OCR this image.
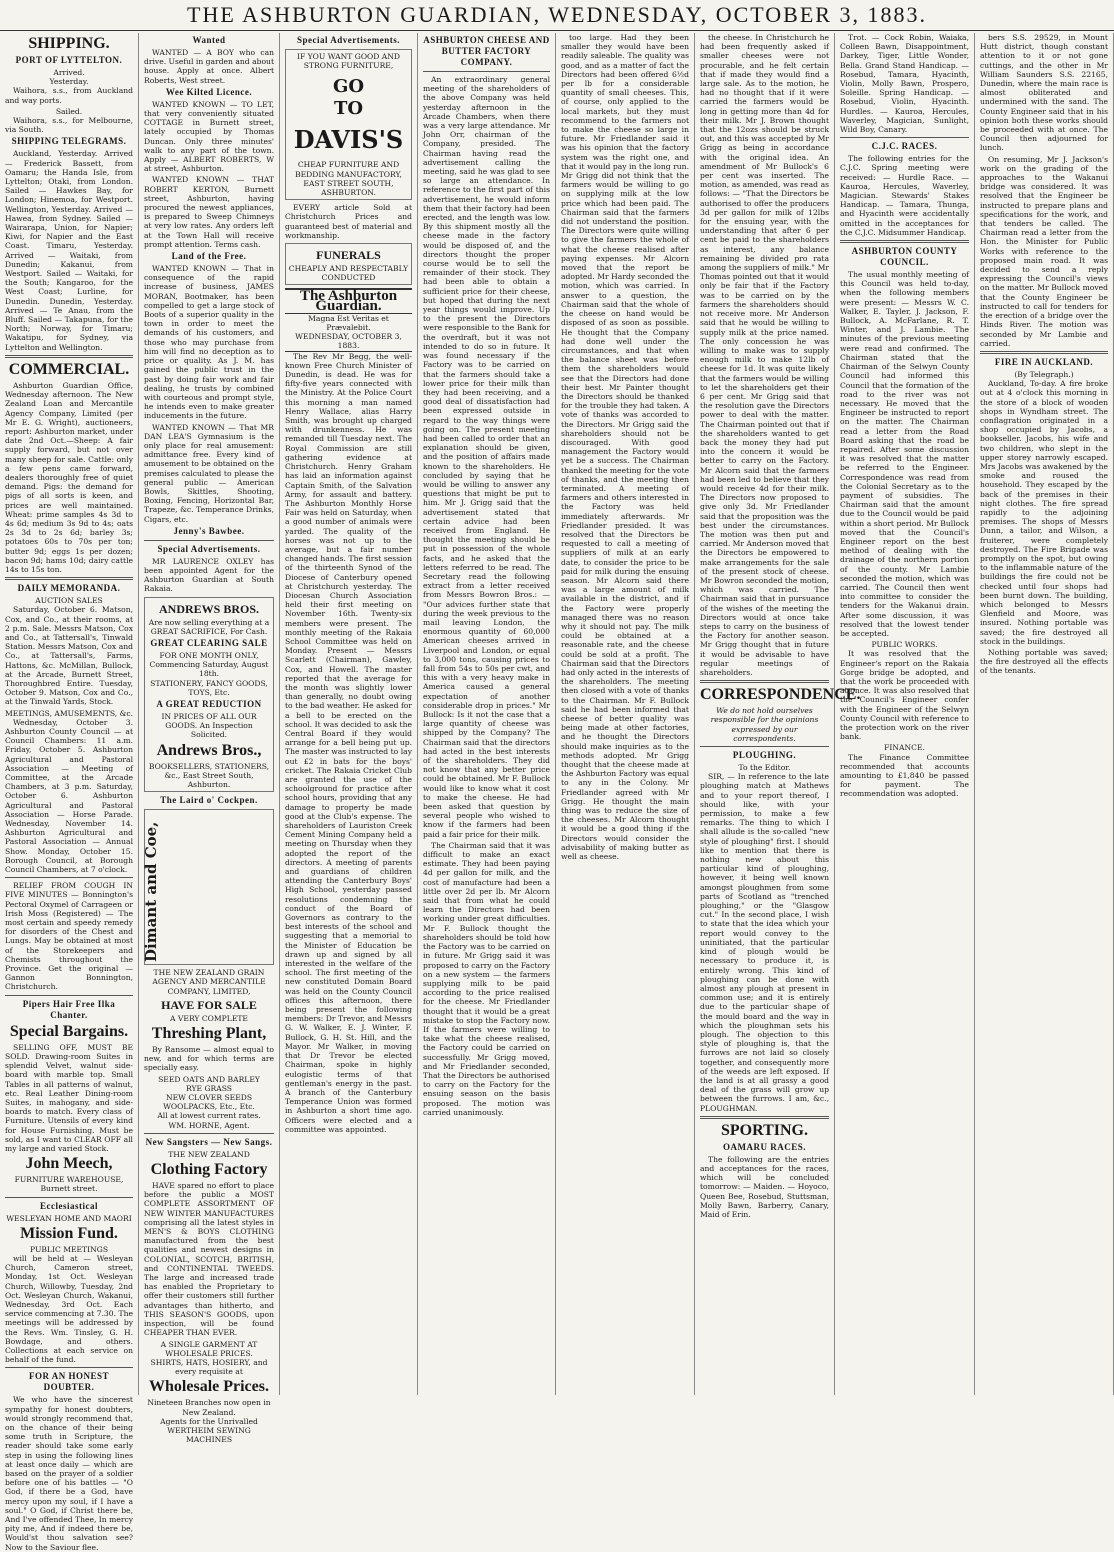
THE ASHBURTON GUARDIAN, WEDNESDAY, OCTOBER 3, 1883.
SHIPPING.
PORT OF LYTTELTON.
Arrived.
Yesterday.

Waihora, s.s., from Auckland and way ports.

Sailed.

Waihora, s.s., for Melbourne, via South.

SHIPPING TELEGRAMS.

Auckland, Yesterday. Arrived — Frederick Bassett, from Oamaru; the Handa Isle, from Lyttelton; Otaki, from London. Sailed — Hawkes Bay, for London; Hinemoa, for Westport. Wellington, Yesterday. Arrived — Hawea, from Sydney. Sailed — Wairarapa, Union, for Napier; Kiwi, for Napier and the East Coast. Timaru, Yesterday. Arrived — Waitaki, from Dunedin; Kakanui, from Westport. Sailed — Waitaki, for the South; Kangaroo, for the West Coast; Lurline, for Dunedin. Dunedin, Yesterday. Arrived — Te Anau, from the Bluff. Sailed — Takapuna, for the North; Norway, for Timaru; Wakatipu, for Sydney, via Lyttelton and Wellington.

COMMERCIAL.

Ashburton Guardian Office, Wednesday afternoon. The New Zealand Loan and Mercantile Agency Company, Limited (per Mr E. G. Wright), auctioneers, report: Ashburton market, under date 2nd Oct.—Sheep: A fair supply forward, but not over many sheep for sale. Cattle: only a few pens came forward, dealers thoroughly free of quiet demand. Pigs: the demand for pigs of all sorts is keen, and prices are well maintained. Wheat: prime samples 4s 3d to 4s 6d; medium 3s 9d to 4s; oats 2s 3d to 2s 6d; barley 3s; potatoes 60s to 70s per ton; butter 9d; eggs 1s per dozen; bacon 9d; hams 10d; dairy cattle 14s to 15s ton.

DAILY MEMORANDA.
AUCTION SALES

Saturday, October 6. Matson, Cox, and Co., at their rooms, at 2 p.m. Sale. Messrs Matson, Cox and Co., at Tattersall's, Tinwald Station. Messrs Matson, Cox and Co., at Tattersall's, Farms, Hattons, &c. McMillan, Bullock, at the Arcade, Burnett Street, Thoroughbred Entire. Tuesday, October 9. Matson, Cox and Co., at the Tinwald Yards, Stock.

MEETINGS, AMUSEMENTS, &c.

Wednesday, October 3. Ashburton County Council — at Council Chambers: 11 a.m. Friday, October 5. Ashburton Agricultural and Pastoral Association — Meeting of Committee, at the Arcade Chambers, at 3 p.m. Saturday, October 6. Ashburton Agricultural and Pastoral Association — Horse Parade. Wednesday, November 14. Ashburton Agricultural and Pastoral Association — Annual Show. Monday, October 15. Borough Council, at Borough Council Chambers, at 7 o'clock.

RELIEF FROM COUGH IN FIVE MINUTES — Bonnington's Pectoral Oxymel of Carrageen or Irish Moss (Registered) — The most certain and speedy remedy for disorders of the Chest and Lungs. May be obtained at most of the Storekeepers and Chemists throughout the Province. Get the original — Gannon Bonnington, Christchurch.

Pipers Hair Free Ilka Chanter.
Special Bargains.

SELLING OFF, MUST BE SOLD. Drawing-room Suites in splendid Velvet, walnut side-board with marble top. Small Tables in all patterns of walnut, etc. Real Leather Dining-room Suites, in mahogany, and side-boards to match. Every class of Furniture. Utensils of every kind for House Furnishing. Must be sold, as I want to CLEAR OFF all my large and varied Stock.

John Meech,
FURNITURE WAREHOUSE, Burnett street.
Ecclesiastical
WESLEYAN HOME AND MAORI
Mission Fund.
PUBLIC MEETINGS

will be held at — Wesleyan Church, Cameron street, Monday, 1st Oct. Wesleyan Church, Willowby, Tuesday, 2nd Oct. Wesleyan Church, Wakanui, Wednesday, 3rd Oct. Each service commencing at 7.30. The meetings will be addressed by the Revs. Wm. Tinsley, G. H. Bowdage, and others. Collections at each service on behalf of the fund.

FOR AN HONEST DOUBTER.

We who have the sincerest sympathy for honest doubters, would strongly recommend that, on the chance of their being some truth in Scripture, the reader should take some early step in using the following lines at least once daily — which are based on the prayer of a soldier before one of his battles — "O God, if there be a God, have mercy upon my soul, if I have a soul." O God, if Christ there be, And I've offended Thee, In mercy pity me, And if indeed there be, Would'st thou salvation see? Now to the Saviour flee.

Wanted

WANTED — A BOY who can drive. Useful in garden and about house. Apply at once. Albert Roberts, West street.

Wee Kilted Licence.

WANTED KNOWN — TO LET, that very conveniently situated COTTAGE in Burnett street, lately occupied by Thomas Duncan. Only three minutes' walk to any part of the town. Apply — ALBERT ROBERTS, W at street, Ashburton.

WANTED KNOWN — THAT ROBERT KERTON, Burnett street, Ashburton, having procured the newest appliances, is prepared to Sweep Chimneys at very low rates. Any orders left at the Town Hall will receive prompt attention. Terms cash.

Land of the Free.

WANTED KNOWN — That in consequence of the rapid increase of business, JAMES MORAN, Bootmaker, has been compelled to get a large stock of Boots of a superior quality in the town in order to meet the demands of his customers, and those who may purchase from him will find no deception as to price or quality. As J. M. has gained the public trust in the past by doing fair work and fair dealing, he trusts by combined with courteous and prompt style, he intends even to make greater inducements in the future.

WANTED KNOWN — That MR DAN LEA'S Gymnasium is the only place for real amusement: admittance free. Every kind of amusement to be obtained on the premises calculated to please the general public — American Bowls, Skittles, Shooting, Boxing, Fencing, Horizontal Bar, Trapeze, &c. Temperance Drinks, Cigars, etc.

Jenny's Bawbee.
Special Advertisements.

MR LAURENCE OXLEY has been appointed Agent for the Ashburton Guardian at South Rakaia.

ANDREWS BROS.
Are now selling everything at a GREAT SACRIFICE, For Cash.
GREAT CLEARING SALE
FOR ONE MONTH ONLY, Commencing Saturday, August 18th.
STATIONERY, FANCY GOODS, TOYS, Etc.
A GREAT REDUCTION
IN PRICES OF ALL OUR GOODS. An Inspection Solicited.
Andrews Bros.,
BOOKSELLERS, STATIONERS, &c., East Street South, Ashburton.
The Laird o' Cockpen.
Dimant and Coe,
THE NEW ZEALAND GRAIN AGENCY AND MERCANTILE COMPANY, LIMITED,
HAVE FOR SALE
A VERY COMPLETE
Threshing Plant,

By Ransome — almost equal to new, and for which terms are specially easy.

SEED OATS AND BARLEY
RYE GRASS
NEW CLOVER SEEDS
WOOLPACKS, Etc., Etc.
All at lowest current rates.
WM. HORNE, Agent.
New Sangsters — New Sangs.
THE NEW ZEALAND
Clothing Factory

HAVE spared no effort to place before the public a MOST COMPLETE ASSORTMENT OF NEW WINTER MANUFACTURES comprising all the latest styles in MEN'S & BOYS CLOTHING manufactured from the best qualities and newest designs in COLONIAL, SCOTCH, BRITISH, and CONTINENTAL TWEEDS. The large and increased trade has enabled the Proprietary to offer their customers still further advantages than hitherto, and THIS SEASON'S GOODS, upon inspection, will be found CHEAPER THAN EVER.

A SINGLE GARMENT AT WHOLESALE PRICES.
SHIRTS, HATS, HOSIERY, and every requisite at
Wholesale Prices.
Nineteen Branches now open in New Zealand.
Agents for the Unrivalled WERTHEIM SEWING MACHINES
Special Advertisements.
IF YOU WANT GOOD AND STRONG FURNITURE,
GO
TO
DAVIS'S
CHEAP FURNITURE AND BEDDING MANUFACTORY,
EAST STREET SOUTH, ASHBURTON.

EVERY article Sold at Christchurch Prices and guaranteed best of material and workmanship.

FUNERALS
CHEAPLY AND RESPECTABLY CONDUCTED
The Ashburton Guardian.
Magna Est Veritas et Prævalebit.
WEDNESDAY, OCTOBER 3, 1883.

The Rev Mr Begg, the well-known Free Church Minister of Dunedin, is dead. He was for fifty-five years connected with the Ministry. At the Police Court this morning a man named Henry Wallace, alias Harry Smith, was brought up charged with drunkenness. He was remanded till Tuesday next. The Royal Commission are still gathering evidence at Christchurch. Henry Graham has laid an information against Captain Smith, of the Salvation Army, for assault and battery. The Ashburton Monthly Horse Fair was held on Saturday, when a good number of animals were yarded. The quality of the horses was not up to the average, but a fair number changed hands. The first session of the thirteenth Synod of the Diocese of Canterbury opened at Christchurch yesterday. The Diocesan Church Association held their first meeting on November 16th. Twenty-six members were present. The monthly meeting of the Rakaia School Committee was held on Monday. Present — Messrs Scarlett (Chairman), Gawley, Cox, and Howell. The master reported that the average for the month was slightly lower than generally, no doubt owing to the bad weather. He asked for a bell to be erected on the school. It was decided to ask the Central Board if they would arrange for a bell being put up. The master was instructed to lay out £2 in bats for the boys' cricket. The Rakaia Cricket Club are granted the use of the schoolground for practice after school hours, providing that any damage to property be made good at the Club's expense. The shareholders of Lauriston Creek Cement Mining Company held a meeting on Thursday when they adopted the report of the directors. A meeting of parents and guardians of children attending the Canterbury Boys' High School, yesterday passed resolutions condemning the conduct of the Board of Governors as contrary to the best interests of the school and suggesting that a memorial to the Minister of Education be drawn up and signed by all interested in the welfare of the school. The first meeting of the new constituted Domain Board was held on the County Council offices this afternoon, there being present the following members: Dr Trevor, and Messrs G. W. Walker, E. J. Winter, F. Bullock, G. H. St. Hill, and the Mayor. Mr Walker, in moving that Dr Trevor be elected Chairman, spoke in highly eulogistic terms of that gentleman's energy in the past. A branch of the Canterbury Temperance Union was formed in Ashburton a short time ago. Officers were elected and a committee was appointed.

ASHBURTON CHEESE AND BUTTER FACTORY COMPANY.

An extraordinary general meeting of the shareholders of the above Company was held yesterday afternoon in the Arcade Chambers, when there was a very large attendance. Mr John Orr, chairman of the Company, presided. The Chairman having read the advertisement calling the meeting, said he was glad to see so large an attendance. In reference to the first part of this advertisement, he would inform them that their factory had been erected, and the length was low. By this shipment mostly all the cheese made in the factory would be disposed of, and the directors thought the proper course would be to sell the remainder of their stock. They had been able to obtain a sufficient price for their cheese, but hoped that during the next year things would improve. Up to the present the Directors were responsible to the Bank for the overdraft, but it was not intended to do so in future. It was found necessary if the Factory was to be carried on that the farmers should take a lower price for their milk than they had been receiving, and a good deal of dissatisfaction had been expressed outside in regard to the way things were going on. The present meeting had been called to order that an explanation should be given, and the position of affairs made known to the shareholders. He concluded by saying that he would be willing to answer any questions that might be put to him. Mr J. Grigg said that the advertisement stated that certain advice had been received from England. He thought the meeting should be put in possession of the whole facts, and he asked that the letters referred to be read. The Secretary read the following extract from a letter received from Messrs Bowron Bros.: — "Our advices further state that during the week previous to the mail leaving London, the enormous quantity of 60,000 American cheeses arrived in Liverpool and London, or equal to 3,000 tons, causing prices to fall from 54s to 50s per cwt, and this with a very heavy make in America caused a general expectation of another considerable drop in prices." Mr Bullock: Is it not the case that a large quantity of cheese was shipped by the Company? The Chairman said that the directors had acted in the best interests of the shareholders. They did not know that any better price could be obtained. Mr F. Bullock would like to know what it cost to make the cheese. He had been asked that question by several people who wished to know if the farmers had been paid a fair price for their milk.

The Chairman said that it was difficult to make an exact estimate. They had been paying 4d per gallon for milk, and the cost of manufacture had been a little over 2d per lb. Mr Alcorn said that from what he could learn the Directors had been working under great difficulties. Mr F. Bullock thought the shareholders should be told how the Factory was to be carried on in future. Mr Grigg said it was proposed to carry on the Factory on a new system — the farmers supplying milk to be paid according to the price realised for the cheese. Mr Friedlander thought that it would be a great mistake to stop the Factory now. If the farmers were willing to take what the cheese realised, the Factory could be carried on successfully. Mr Grigg moved, and Mr Friedlander seconded, That the Directors be authorised to carry on the Factory for the ensuing season on the basis proposed. The motion was carried unanimously.

too large. Had they been smaller they would have been readily saleable. The quality was good, and as a matter of fact the Directors had been offered 6½d per lb for a considerable quantity of small cheeses. This, of course, only applied to the local markets, but they must recommend to the farmers not to make the cheese so large in future. Mr Friedlander said it was his opinion that the factory system was the right one, and that it would pay in the long run. Mr Grigg did not think that the farmers would be willing to go on supplying milk at the low price which had been paid. The Chairman said that the farmers did not understand the position. The Directors were quite willing to give the farmers the whole of what the cheese realised after paying expenses. Mr Alcorn moved that the report be adopted. Mr Hardy seconded the motion, which was carried. In answer to a question, the Chairman said that the whole of the cheese on hand would be disposed of as soon as possible. He thought that the Company had done well under the circumstances, and that when the balance sheet was before them the shareholders would see that the Directors had done their best. Mr Painter thought the Directors should be thanked for the trouble they had taken. A vote of thanks was accorded to the Directors. Mr Grigg said the shareholders should not be discouraged. With good management the Factory would yet be a success. The Chairman thanked the meeting for the vote of thanks, and the meeting then terminated. A meeting of farmers and others interested in the Factory was held immediately afterwards. Mr Friedlander presided. It was resolved that the Directors be requested to call a meeting of suppliers of milk at an early date, to consider the price to be paid for milk during the ensuing season. Mr Alcorn said there was a large amount of milk available in the district, and if the Factory were properly managed there was no reason why it should not pay. The milk could be obtained at a reasonable rate, and the cheese could be sold at a profit. The Chairman said that the Directors had only acted in the interests of the shareholders. The meeting then closed with a vote of thanks to the Chairman. Mr F. Bullock said he had been informed that cheese of better quality was being made at other factories, and he thought the Directors should make inquiries as to the methods adopted. Mr Grigg thought that the cheese made at the Ashburton Factory was equal to any in the Colony. Mr Friedlander agreed with Mr Grigg. He thought the main thing was to reduce the size of the cheeses. Mr Alcorn thought it would be a good thing if the Directors would consider the advisability of making butter as well as cheese.

the cheese. In Christchurch he had been frequently asked if smaller cheeses were not procurable, and he felt certain that if made they would find a large sale. As to the motion, he had no thought that if it were carried the farmers would be long in getting more than 4d for their milk. Mr J. Brown thought that the 12ozs should be struck out, and this was accepted by Mr Grigg as being in accordance with the original idea. An amendment of Mr Bullock's 6 per cent was inserted. The motion, as amended, was read as follows: — "That the Directors be authorised to offer the producers 3d per gallon for milk of 12lbs for the ensuing year, with the understanding that after 6 per cent be paid to the shareholders as interest, any balance remaining be divided pro rata among the suppliers of milk." Mr Thomas pointed out that it would only be fair that if the Factory was to be carried on by the farmers the shareholders should not receive more. Mr Anderson said that he would be willing to supply milk at the price named. The only concession he was willing to make was to supply enough milk to make 12lb of cheese for 1d. It was quite likely that the farmers would be willing to let the shareholders get their 6 per cent. Mr Grigg said that the resolution gave the Directors power to deal with the matter. The Chairman pointed out that if the shareholders wanted to get back the money they had put into the concern it would be better to carry on the Factory. Mr Alcorn said that the farmers had been led to believe that they would receive 4d for their milk. The Directors now proposed to give only 3d. Mr Friedlander said that the proposition was the best under the circumstances. The motion was then put and carried. Mr Anderson moved that the Directors be empowered to make arrangements for the sale of the present stock of cheese. Mr Bowron seconded the motion, which was carried. The Chairman said that in pursuance of the wishes of the meeting the Directors would at once take steps to carry on the business of the Factory for another season. Mr Grigg thought that in future it would be advisable to have regular meetings of shareholders.

CORRESPONDENCE.
We do not hold ourselves responsible for the opinions expressed by our correspondents.
PLOUGHING.
To the Editor.

SIR, — In reference to the late ploughing match at Mathews and to your report thereof, I should like, with your permission, to make a few remarks. The thing to which I shall allude is the so-called "new style of ploughing" first. I should like to mention that there is nothing new about this particular kind of ploughing, however, it being well known amongst ploughmen from some parts of Scotland as "trenched ploughing," or the "Glasgow cut." In the second place, I wish to state that the idea which your report would convey to the uninitiated, that the particular kind of plough would be necessary to produce it, is entirely wrong. This kind of ploughing can be done with almost any plough at present in common use; and it is entirely due to the particular shape of the mould board and the way in which the ploughman sets his plough. The objection to this style of ploughing is, that the furrows are not laid so closely together, and consequently more of the weeds are left exposed. If the land is at all grassy a good deal of the grass will grow up between the furrows. I am, &c., PLOUGHMAN.

SPORTING.
OAMARU RACES.

The following are the entries and acceptances for the races, which will be concluded tomorrow: — Maiden. — Hoyoco, Queen Bee, Rosebud, Stuttsman, Molly Bawn, Barberry, Canary, Maid of Erin.

Trot. — Cock Robin, Waiaka, Colleen Bawn, Disappointment, Darkey, Tiger, Little Wonder, Bella. Grand Stand Handicap. — Rosebud, Tamara, Hyacinth, Violin, Molly Bawn, Prospero, Soleille. Spring Handicap. — Rosebud, Violin, Hyacinth. Hurdles. — Kauroa, Hercules, Waverley, Magician, Sunlight, Wild Boy, Canary.

C.J.C. RACES.

The following entries for the C.J.C. Spring meeting were received: — Hurdle Race. — Kauroa, Hercules, Waverley, Magician. Stewards' Stakes Handicap. — Tamara, Thunga, and Hyacinth were accidentally omitted in the acceptances for the C.J.C. Midsummer Handicap.

ASHBURTON COUNTY COUNCIL.

The usual monthly meeting of this Council was held to-day, when the following members were present: — Messrs W. C. Walker, E. Tayler, J. Jackson, F. Bullock, A. McFarlane, R. T. Winter, and J. Lambie. The minutes of the previous meeting were read and confirmed. The Chairman stated that the Chairman of the Selwyn County Council had informed this Council that the formation of the road to the river was not necessary. He moved that the Engineer be instructed to report on the matter. The Chairman read a letter from the Road Board asking that the road be repaired. After some discussion it was resolved that the matter be referred to the Engineer. Correspondence was read from the Colonial Secretary as to the payment of subsidies. The Chairman said that the amount due to the Council would be paid within a short period. Mr Bullock moved that the Council's Engineer report on the best method of dealing with the drainage of the northern portion of the county. Mr Lambie seconded the motion, which was carried. The Council then went into committee to consider the tenders for the Wakanui drain. After some discussion, it was resolved that the lowest tender be accepted.

PUBLIC WORKS.

It was resolved that the Engineer's report on the Rakaia Gorge bridge be adopted, and that the work be proceeded with at once. It was also resolved that the Council's Engineer confer with the Engineer of the Selwyn County Council with reference to the protection work on the river bank.

FINANCE.

The Finance Committee recommended that accounts amounting to £1,840 be passed for payment. The recommendation was adopted.

bers S.S. 29529, in Mount Hutt district, though constant attention to it or not gone cuttings, and the other in Mr William Saunders S.S. 22165, Dunedin, where the main race is almost obliterated and undermined with the sand. The County Engineer said that in his opinion both these works should be proceeded with at once. The Council then adjourned for lunch.

On resuming, Mr J. Jackson's work on the grading of the approaches to the Wakanui bridge was considered. It was resolved that the Engineer be instructed to prepare plans and specifications for the work, and that tenders be called. The Chairman read a letter from the Hon. the Minister for Public Works with reference to the proposed main road. It was decided to send a reply expressing the Council's views on the matter. Mr Bullock moved that the County Engineer be instructed to call for tenders for the erection of a bridge over the Hinds River. The motion was seconded by Mr Lambie and carried.

FIRE IN AUCKLAND.
(By Telegraph.)

Auckland, To-day. A fire broke out at 4 o'clock this morning in the store of a block of wooden shops in Wyndham street. The conflagration originated in a shop occupied by Jacobs, a bookseller. Jacobs, his wife and two children, who slept in the upper storey narrowly escaped. Mrs Jacobs was awakened by the smoke and roused the household. They escaped by the back of the premises in their night clothes. The fire spread rapidly to the adjoining premises. The shops of Messrs Dunn, a tailor, and Wilson, a fruiterer, were completely destroyed. The Fire Brigade was promptly on the spot, but owing to the inflammable nature of the buildings the fire could not be checked until four shops had been burnt down. The building, which belonged to Messrs Glenfield and Moore, was insured. Nothing portable was saved; the fire destroyed all stock in the buildings.

Nothing portable was saved; the fire destroyed all the effects of the tenants.
